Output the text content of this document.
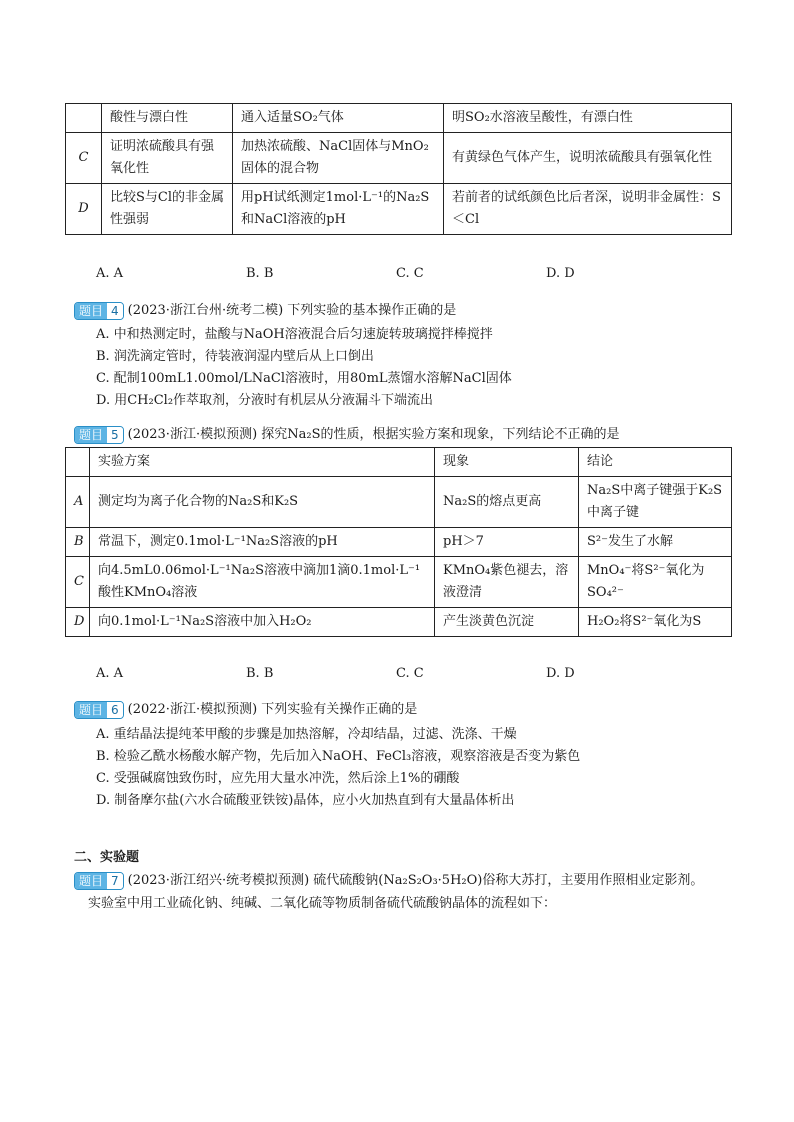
	酸性与漂白性	通入适量SO₂气体	明SO₂水溶液呈酸性，有漂白性
C	证明浓硫酸具有强氧化性	加热浓硫酸、NaCl固体与MnO₂固体的混合物	有黄绿色气体产生，说明浓硫酸具有强氧化性
D	比较S与Cl的非金属性强弱	用pH试纸测定1mol·L⁻¹的Na₂S和NaCl溶液的pH	若前者的试纸颜色比后者深，说明非金属性：S＜Cl
A. A	B. B	C. C	D. D
题目 4 (2023·浙江台州·统考二模) 下列实验的基本操作正确的是
A. 中和热测定时，盐酸与NaOH溶液混合后匀速旋转玻璃搅拌棒搅拌
B. 润洗滴定管时，待装液润湿内壁后从上口倒出
C. 配制100mL1.00mol/LNaCl溶液时，用80mL蒸馏水溶解NaCl固体
D. 用CH₂Cl₂作萃取剂，分液时有机层从分液漏斗下端流出
题目 5 (2023·浙江·模拟预测) 探究Na₂S的性质，根据实验方案和现象，下列结论不正确的是
	实验方案	现象	结论
A	测定均为离子化合物的Na₂S和K₂S	Na₂S的熔点更高	Na₂S中离子键强于K₂S中离子键
B	常温下，测定0.1mol·L⁻¹Na₂S溶液的pH	pH＞7	S²⁻发生了水解
C	向4.5mL0.06mol·L⁻¹Na₂S溶液中滴加1滴0.1mol·L⁻¹酸性KMnO₄溶液	KMnO₄紫色褪去，溶液澄清	MnO₄⁻将S²⁻氧化为SO₄²⁻
D	向0.1mol·L⁻¹Na₂S溶液中加入H₂O₂	产生淡黄色沉淀	H₂O₂将S²⁻氧化为S
A. A	B. B	C. C	D. D
题目 6 (2022·浙江·模拟预测) 下列实验有关操作正确的是
A. 重结晶法提纯苯甲酸的步骤是加热溶解，冷却结晶，过滤、洗涤、干燥
B. 检验乙酰水杨酸水解产物，先后加入NaOH、FeCl₃溶液，观察溶液是否变为紫色
C. 受强碱腐蚀致伤时，应先用大量水冲洗，然后涂上1%的硼酸
D. 制备摩尔盐(六水合硫酸亚铁铵)晶体，应小火加热直到有大量晶体析出
二、实验题
题目 7 (2023·浙江绍兴·统考模拟预测) 硫代硫酸钠(Na₂S₂O₃·5H₂O)俗称大苏打，主要用作照相业定影剂。
实验室中用工业硫化钠、纯碱、二氧化硫等物质制备硫代硫酸钠晶体的流程如下：
